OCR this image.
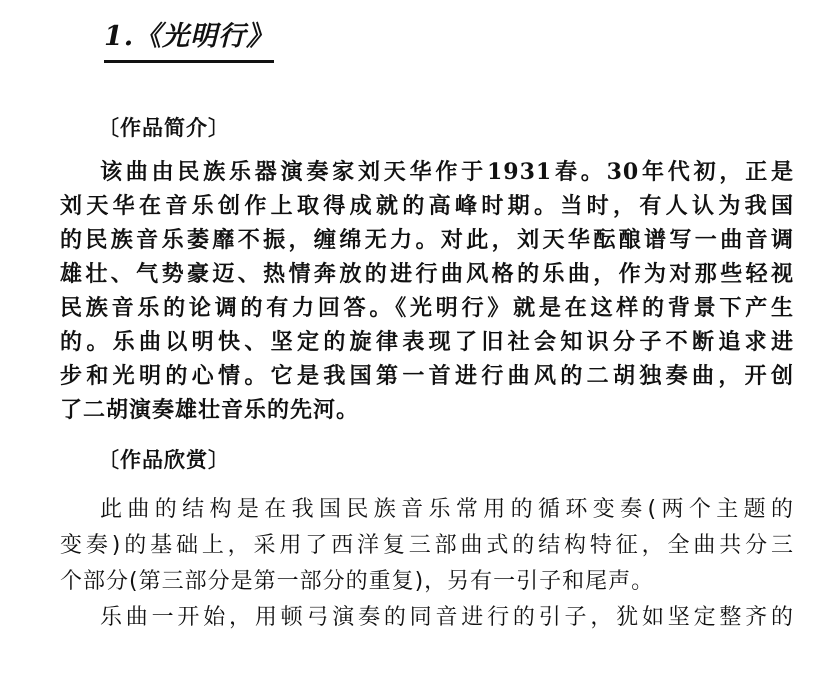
1.《光明行》
〔作品简介〕
该曲由民族乐器演奏家刘天华作于1931春。30年代初，正是
刘天华在音乐创作上取得成就的高峰时期。当时，有人认为我国
的民族音乐萎靡不振，缠绵无力。对此，刘天华酝酿谱写一曲音调
雄壮、气势豪迈、热情奔放的进行曲风格的乐曲，作为对那些轻视
民族音乐的论调的有力回答。《光明行》就是在这样的背景下产生
的。乐曲以明快、坚定的旋律表现了旧社会知识分子不断追求进
步和光明的心情。它是我国第一首进行曲风的二胡独奏曲，开创
了二胡演奏雄壮音乐的先河。
〔作品欣赏〕
此曲的结构是在我国民族音乐常用的循环变奏(两个主题的
变奏)的基础上，采用了西洋复三部曲式的结构特征，全曲共分三
个部分(第三部分是第一部分的重复)，另有一引子和尾声。
乐曲一开始，用顿弓演奏的同音进行的引子，犹如坚定整齐的
